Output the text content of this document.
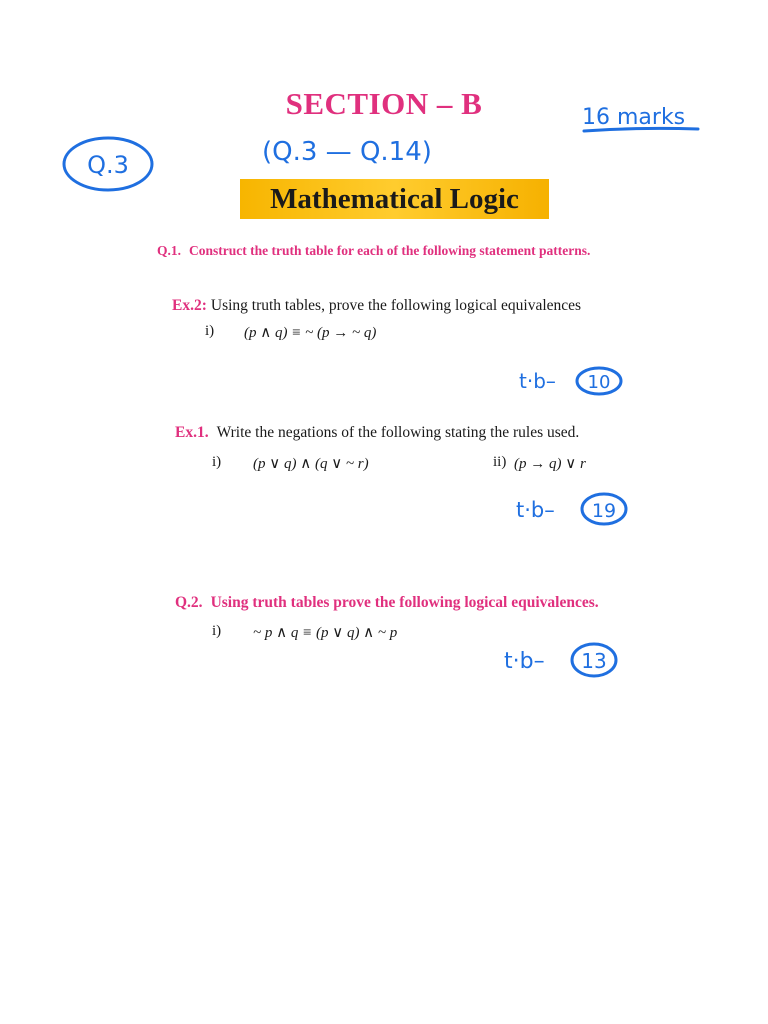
SECTION – B
Mathematical Logic
Q.3	(Q.3 — Q.14)
16 marks
Q.1. Construct the truth table for each of the following statement patterns.
Ex.2: Using truth tables, prove the following logical equivalences
i) (p ∧ q) ≡ ~ (p → ~ q)
t·b– 10
Ex.1. Write the negations of the following stating the rules used.
i) (p ∨ q) ∧ (q ∨ ~ r)	ii) (p → q) ∨ r
t·b– 19
Q.2. Using truth tables prove the following logical equivalences.
i) ~ p ∧ q ≡ (p ∨ q) ∧ ~ p
t·b– 13
